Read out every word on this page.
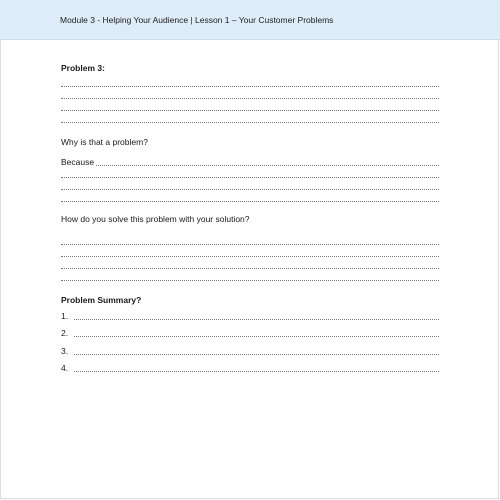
Module 3 - Helping Your Audience | Lesson 1 – Your Customer Problems
Problem 3:
Why is that a problem?
Because
How do you solve this problem with your solution?
Problem Summary?
1.
2.
3.
4.
